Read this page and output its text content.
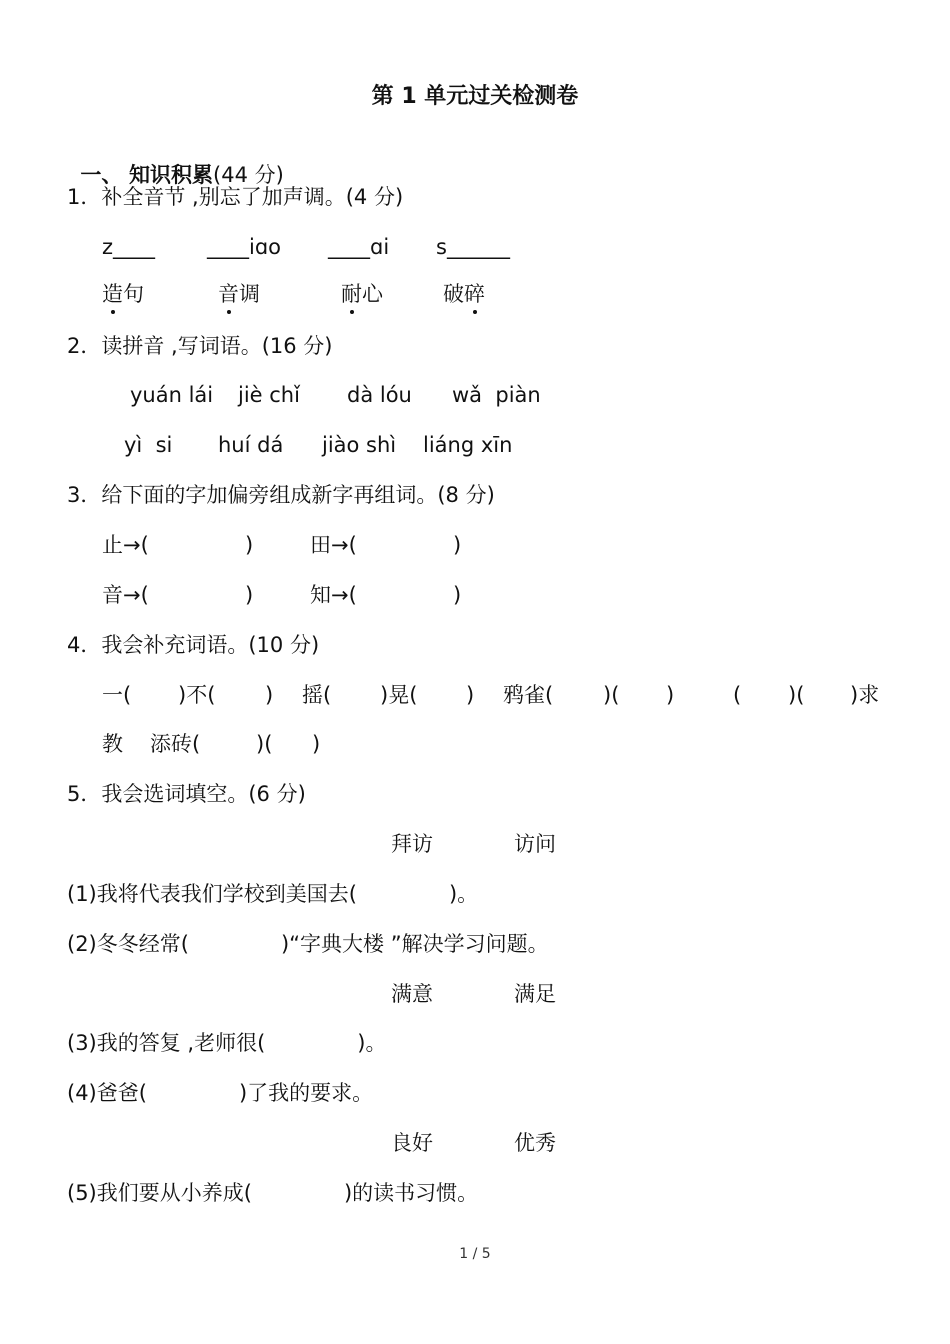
第 1 单元过关检测卷

一、 知识积累(44 分)

1．补全音节 ,别忘了加声调。(4 分)
z____ ____iɑo ____ɑi s______
造句	音调	耐心	破碎
2．读拼音 ,写词语。(16 分)
yuán lái jiè chǐ dà lóu wǎ  piàn
yì  si huí dá jiào shì liáng xīn
3．给下面的字加偏旁组成新字再组词。(8 分)
止→(	)	田→(	)
音→(	)	知→(	)
4．我会补充词语。(10 分)
一( )不( ) 摇( )晃( ) 鸦雀( )( )	( )( )求
教 添砖(	)( )
5．我会选词填空。(6 分)
拜访	访问
(1)我将代表我们学校到美国去(	)。
(2)冬冬经常(	)“字典大楼 ”解决学习问题。
满意	满足
(3)我的答复 ,老师很(	)。
(4)爸爸(	)了我的要求。
良好	优秀
(5)我们要从小养成(	)的读书习惯。
1 / 5
